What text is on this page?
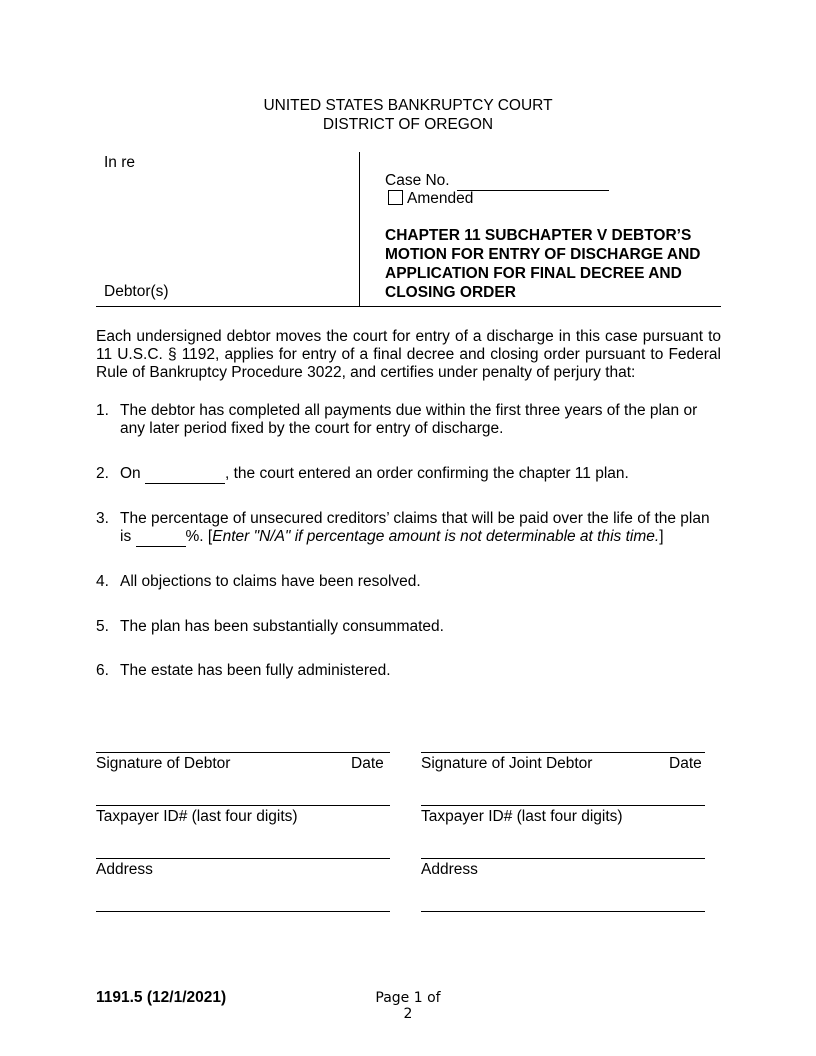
UNITED STATES BANKRUPTCY COURT
DISTRICT OF OREGON
In re
Debtor(s)
Case No.
Amended
CHAPTER 11 SUBCHAPTER V DEBTOR’S MOTION FOR ENTRY OF DISCHARGE AND APPLICATION FOR FINAL DECREE AND CLOSING ORDER
Each undersigned debtor moves the court for entry of a discharge in this case pursuant to 11 U.S.C. § 1192, applies for entry of a final decree and closing order pursuant to Federal Rule of Bankruptcy Procedure 3022, and certifies under penalty of perjury that:
1. The debtor has completed all payments due within the first three years of the plan or any later period fixed by the court for entry of discharge.
2. On	, the court entered an order confirming the chapter 11 plan.
3. The percentage of unsecured creditors’ claims that will be paid over the life of the plan is	%. [Enter "N/A" if percentage amount is not determinable at this time.]
4. All objections to claims have been resolved.
5. The plan has been substantially consummated.
6. The estate has been fully administered.
Signature of Debtor	Date
Taxpayer ID# (last four digits)
Address
Signature of Joint Debtor	Date
Taxpayer ID# (last four digits)
Address
1191.5 (12/1/2021)	Page 1 of 2
